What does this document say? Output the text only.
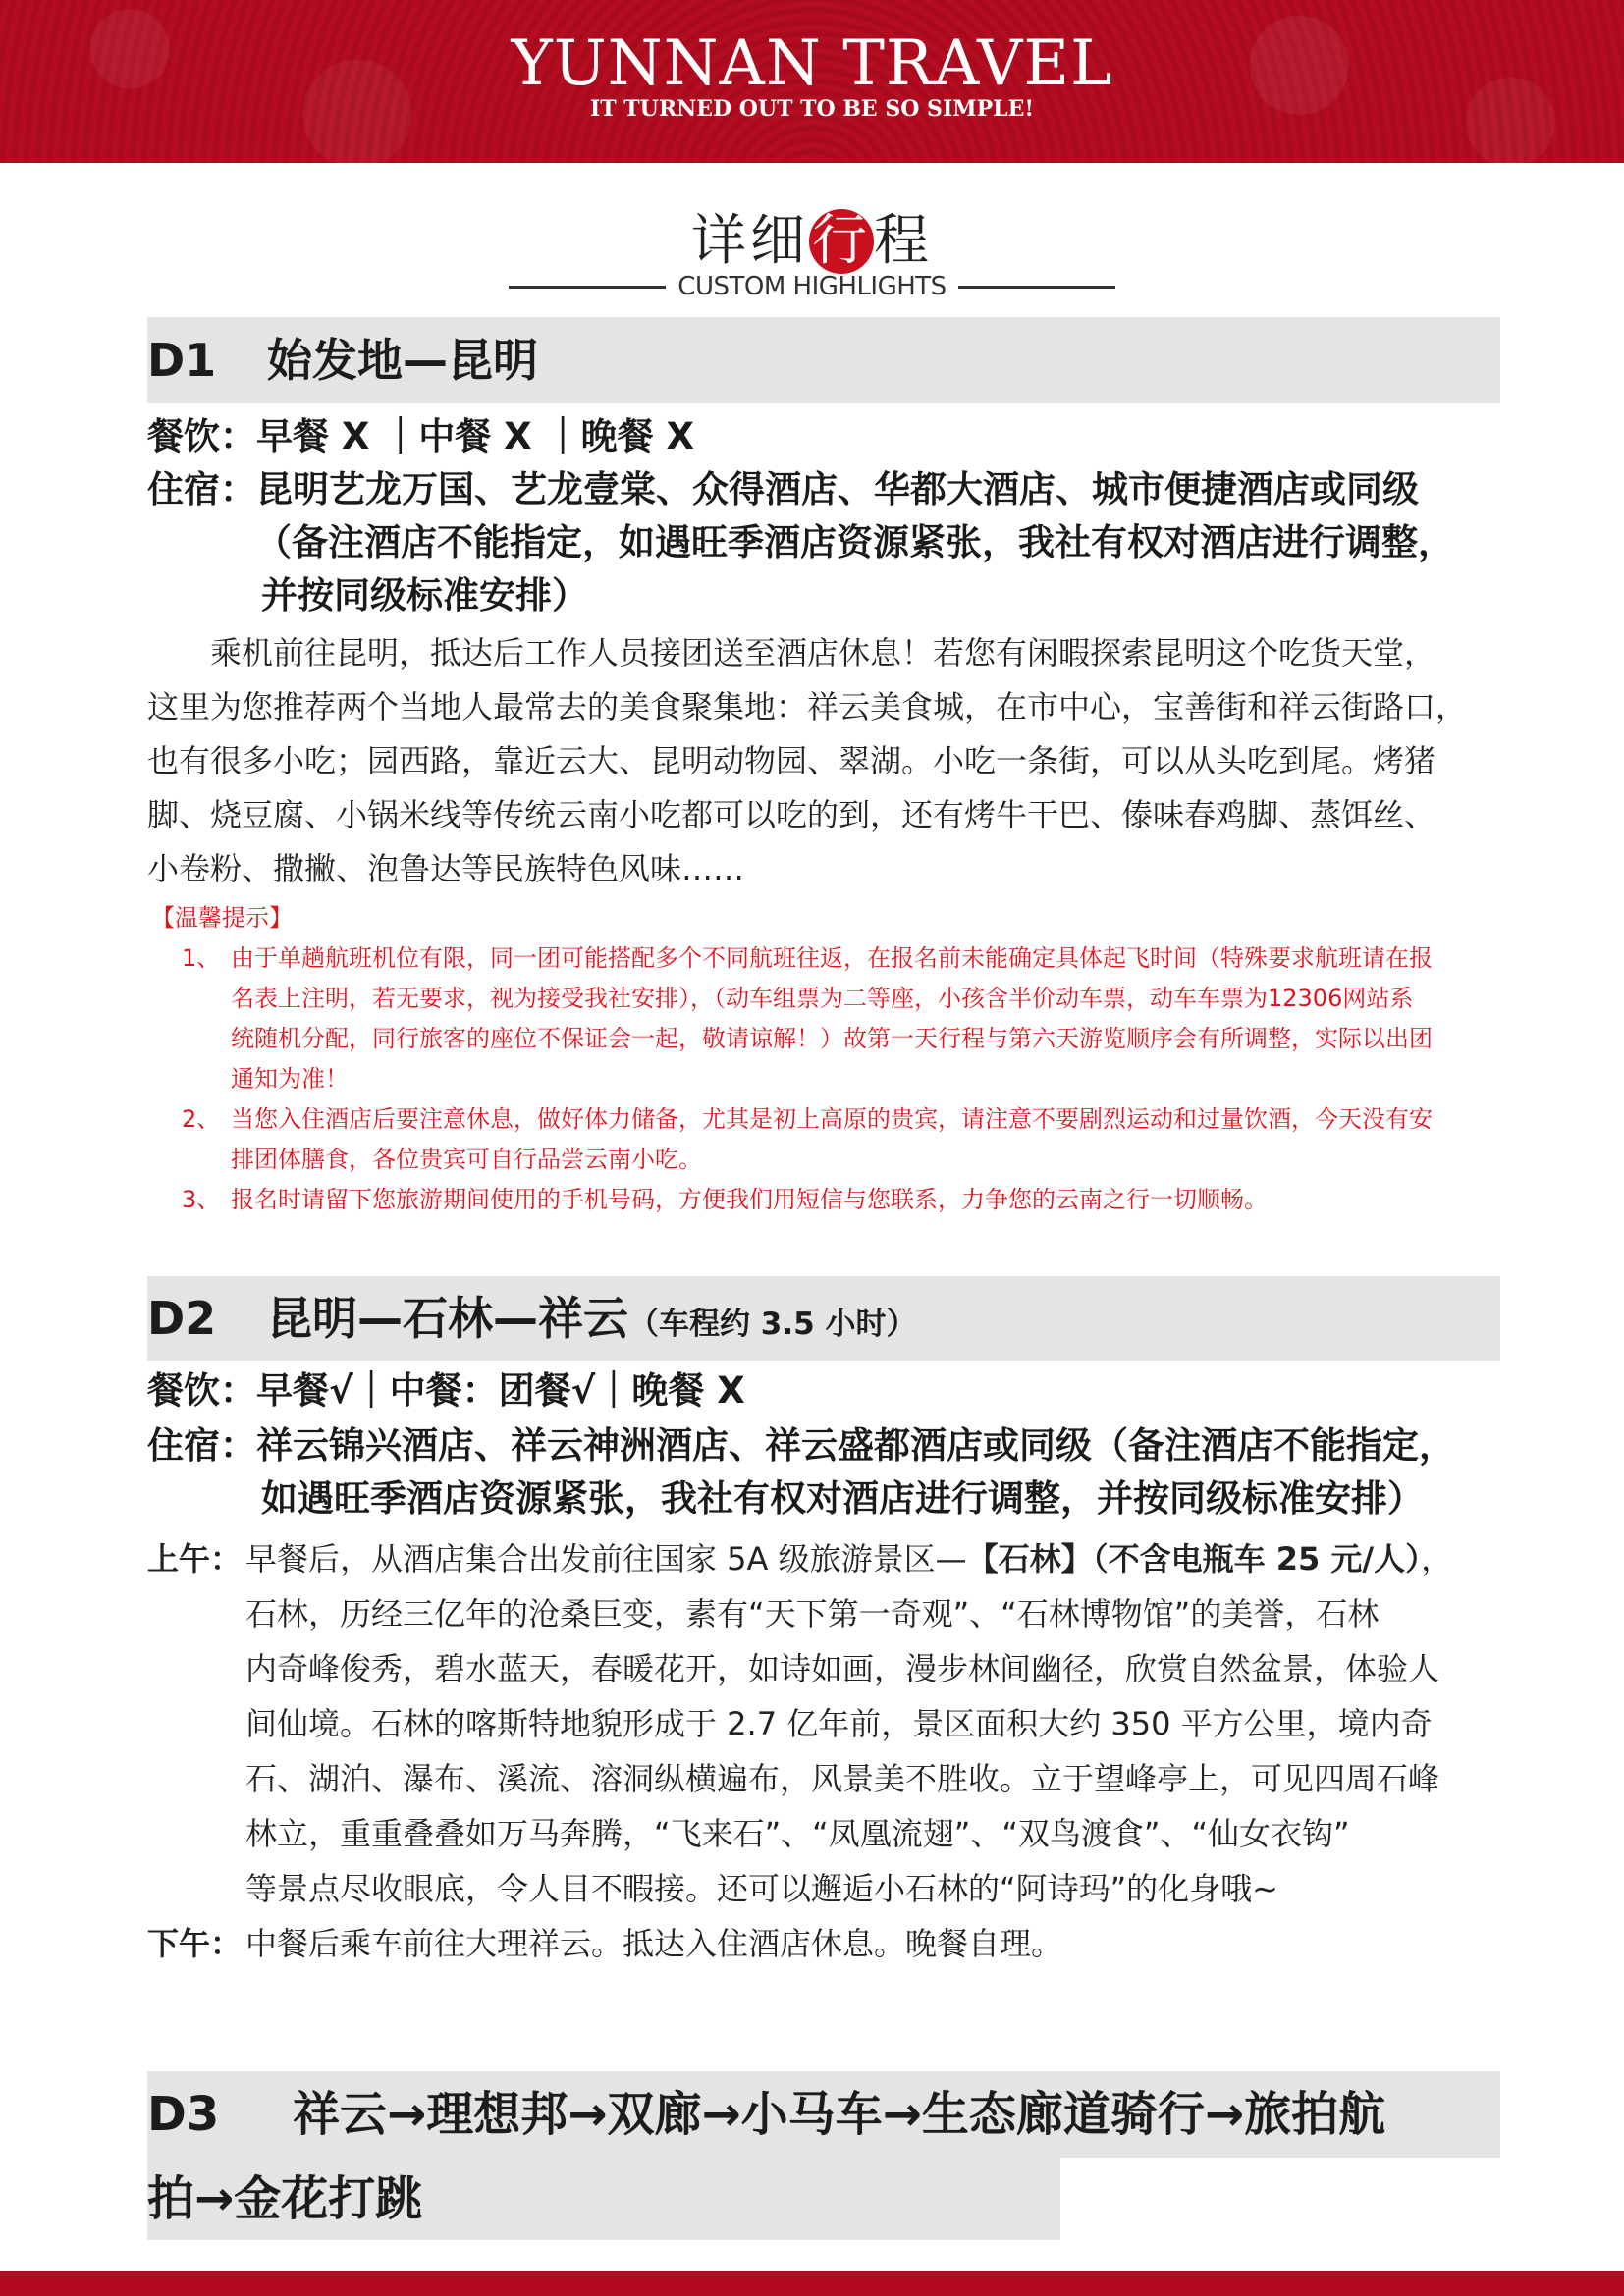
YUNNAN TRAVEL
IT TURNED OUT TO BE SO SIMPLE!
详细行程
CUSTOM HIGHLIGHTS
D1 始发地—昆明
餐饮：早餐 X ｜中餐 X ｜晚餐 X
住宿：昆明艺龙万国、艺龙壹棠、众得酒店、华都大酒店、城市便捷酒店或同级
（备注酒店不能指定，如遇旺季酒店资源紧张，我社有权对酒店进行调整，
并按同级标准安排）
乘机前往昆明，抵达后工作人员接团送至酒店休息！若您有闲暇探索昆明这个吃货天堂，
这里为您推荐两个当地人最常去的美食聚集地：祥云美食城，在市中心，宝善街和祥云街路口，
也有很多小吃；园西路，靠近云大、昆明动物园、翠湖。小吃一条街，可以从头吃到尾。烤猪
脚、烧豆腐、小锅米线等传统云南小吃都可以吃的到，还有烤牛干巴、傣味春鸡脚、蒸饵丝、
小卷粉、撒撇、泡鲁达等民族特色风味……
【温馨提示】
1、 由于单趟航班机位有限，同一团可能搭配多个不同航班往返，在报名前未能确定具体起飞时间（特殊要求航班请在报
名表上注明，若无要求，视为接受我社安排），（动车组票为二等座，小孩含半价动车票，动车车票为12306网站系
统随机分配，同行旅客的座位不保证会一起，敬请谅解！）故第一天行程与第六天游览顺序会有所调整，实际以出团
通知为准！
2、 当您入住酒店后要注意休息，做好体力储备，尤其是初上高原的贵宾，请注意不要剧烈运动和过量饮酒，今天没有安
排团体膳食，各位贵宾可自行品尝云南小吃。
3、 报名时请留下您旅游期间使用的手机号码，方便我们用短信与您联系，力争您的云南之行一切顺畅。
D2 昆明—石林—祥云（车程约 3.5 小时）
餐饮：早餐√｜中餐：团餐√｜晚餐 X
住宿：祥云锦兴酒店、祥云神洲酒店、祥云盛都酒店或同级（备注酒店不能指定，
如遇旺季酒店资源紧张，我社有权对酒店进行调整，并按同级标准安排）
上午： 早餐后，从酒店集合出发前往国家 5A 级旅游景区—【石林】（不含电瓶车 25 元/人），
石林，历经三亿年的沧桑巨变，素有“天下第一奇观”、“石林博物馆”的美誉，石林
内奇峰俊秀，碧水蓝天，春暖花开，如诗如画，漫步林间幽径，欣赏自然盆景，体验人
间仙境。石林的喀斯特地貌形成于 2.7 亿年前，景区面积大约 350 平方公里，境内奇
石、湖泊、瀑布、溪流、溶洞纵横遍布，风景美不胜收。立于望峰亭上，可见四周石峰
林立，重重叠叠如万马奔腾，“飞来石”、“凤凰流翅”、“双鸟渡食”、“仙女衣钩”
等景点尽收眼底，令人目不暇接。还可以邂逅小石林的“阿诗玛”的化身哦~
下午： 中餐后乘车前往大理祥云。抵达入住酒店休息。晚餐自理。
D3 祥云→理想邦→双廊→小马车→生态廊道骑行→旅拍航
拍→金花打跳
